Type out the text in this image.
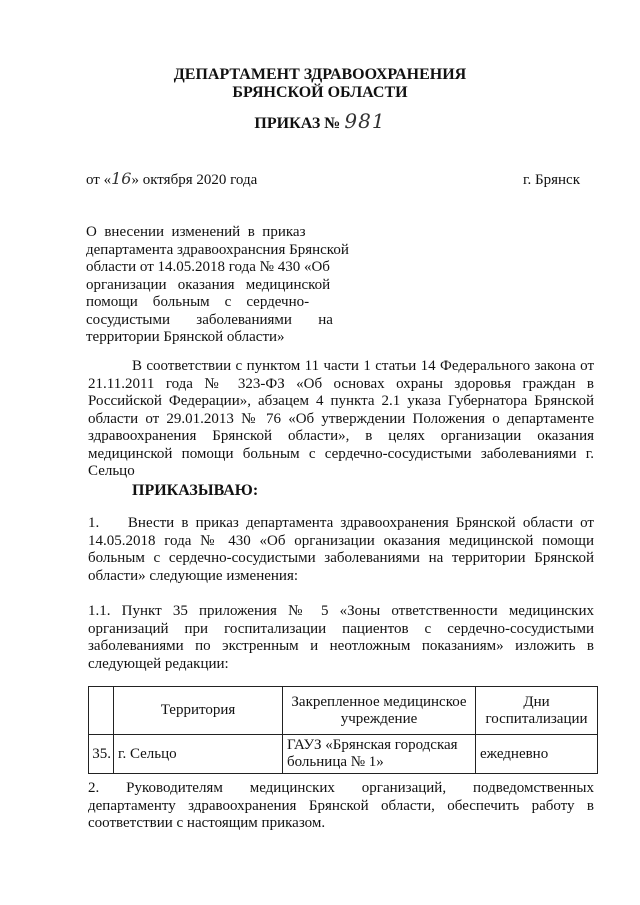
ДЕПАРТАМЕНТ ЗДРАВООХРАНЕНИЯ
БРЯНСКОЙ ОБЛАСТИ
ПРИКАЗ № 981
от «16» октября 2020 года	г. Брянск
О  внесении  изменений  в  приказ
департамента здравоохрансния Брянской
области от 14.05.2018 года № 430 «Об
организации   оказания   медицинской
помощи    больным    с    сердечно-
сосудистыми       заболеваниями       на
территории Брянской области»
В соответствии с пунктом 11 части 1 статьи 14 Федерального закона от 21.11.2011 года № 323-ФЗ «Об основах охраны здоровья граждан в Российской Федерации», абзацем 4 пункта 2.1 указа Губернатора Брянской области от 29.01.2013 № 76 «Об утверждении Положения о департаменте здравоохранения Брянской области», в целях организации оказания медицинской помощи больным с сердечно-сосудистыми заболеваниями г. Сельцо
ПРИКАЗЫВАЮ:
1.    Внести в приказ департамента здравоохранения Брянской области от 14.05.2018 года № 430 «Об организации оказания медицинской помощи больным с сердечно-сосудистыми заболеваниями на территории Брянской области» следующие изменения:
1.1. Пункт 35 приложения № 5 «Зоны ответственности медицинских организаций при госпитализации пациентов с сердечно-сосудистыми заболеваниями по экстренным и неотложным показаниям» изложить в следующей редакции:
	Территория	Закрепленное медицинское учреждение	Дни госпитализации
35.	г. Сельцо	ГАУЗ «Брянская городская больница № 1»	ежедневно
2.    Руководителям    медицинских    организаций,    подведомственных департаменту здравоохранения Брянской области, обеспечить работу в соответствии с настоящим приказом.
